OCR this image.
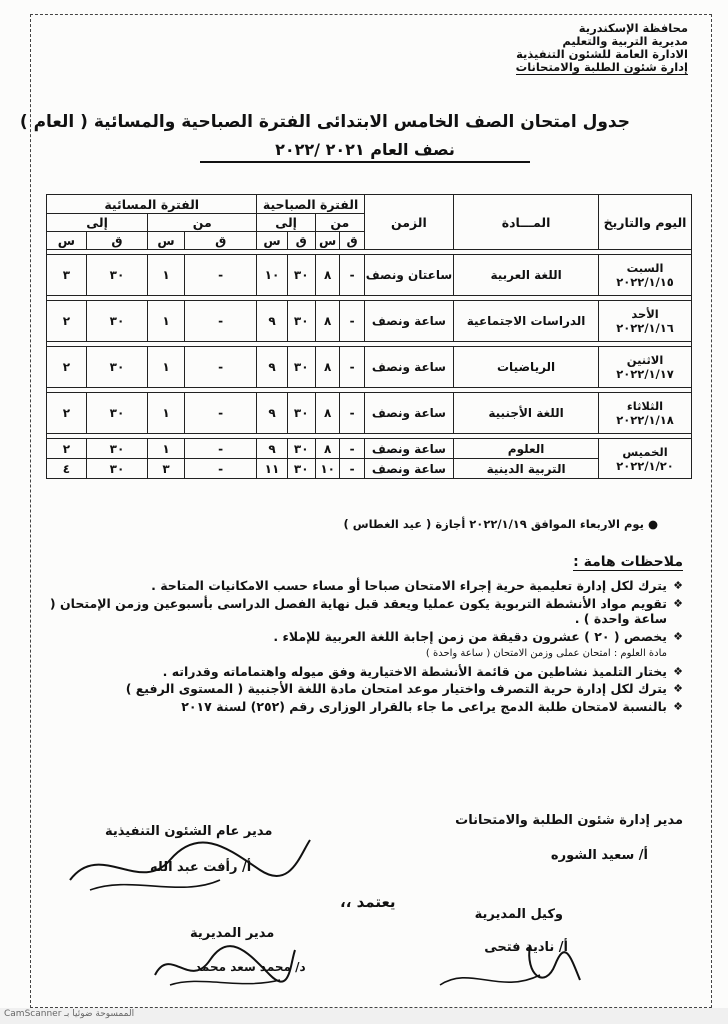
محافظة الإسكندرية
مديرية التربية والتعليم
الادارة العامة للشئون التنفيذية
إدارة شئون الطلبة والامتحانات
جدول امتحان الصف الخامس الابتدائى الفترة الصباحية والمسائية ( العام )
نصف العام ٢٠٢١ /٢٠٢٢
اليوم والتاريخ	المـــادة	الزمن	الفترة الصباحية				الفترة المسائية			
			من		إلى		من		إلى	
			ق	س	ق	س	ق	س	ق	س

السبت
٢٠٢٢/١/١٥	اللغة العربية	ساعتان ونصف	-	٨	٣٠	١٠	-	١	٣٠	٣

الأحد
٢٠٢٢/١/١٦	الدراسات الاجتماعية	ساعة ونصف	-	٨	٣٠	٩	-	١	٣٠	٢

الاثنين
٢٠٢٢/١/١٧	الرياضيات	ساعة ونصف	-	٨	٣٠	٩	-	١	٣٠	٢

الثلاثاء
٢٠٢٢/١/١٨	اللغة الأجنبية	ساعة ونصف	-	٨	٣٠	٩	-	١	٣٠	٢

الخميس
٢٠٢٢/١/٢٠	العلوم	ساعة ونصف	-	٨	٣٠	٩	-	١	٣٠	٢
	التربية الدينية	ساعة ونصف	-	١٠	٣٠	١١	-	٣	٣٠	٤
● يوم الاربعاء الموافق ٢٠٢٢/١/١٩ أجازة ( عيد الغطاس )
ملاحظات هامة :
❖
يترك لكل إدارة تعليمية حرية إجراء الامتحان صباحا أو مساء حسب الامكانيات المتاحة .
❖
تقويم مواد الأنشطة التربوية يكون عمليا ويعقد قبل نهاية الفصل الدراسى بأسبوعين وزمن الإمتحان ( ساعة واحدة ) .
❖
يخصص ( ٢٠ ) عشرون دقيقة من زمن إجابة اللغة العربية للإملاء .
مادة العلوم : امتحان عملى وزمن الامتحان ( ساعة واحدة )
❖
يختار التلميذ نشاطين من قائمة الأنشطة الاختيارية وفق ميوله واهتماماته وقدراته .
❖
يترك لكل إدارة حرية التصرف واختيار موعد امتحان مادة اللغة الأجنبية ( المستوى الرفيع )
❖
بالنسبة لامتحان طلبة الدمج يراعى ما جاء بالقرار الوزارى رقم (٢٥٢) لسنة ٢٠١٧
مدير إدارة شئون الطلبة والامتحانات
أ/ سعيد الشوره
مدير عام الشئون التنفيذية
أ/ رأفت عبد الله
يعتمد ،،
وكيل المديرية
أ/ نادية فتحى
مدير المديرية
د/ محمد سعد محمد
CamScanner الممسوحة ضوئيا بـ
